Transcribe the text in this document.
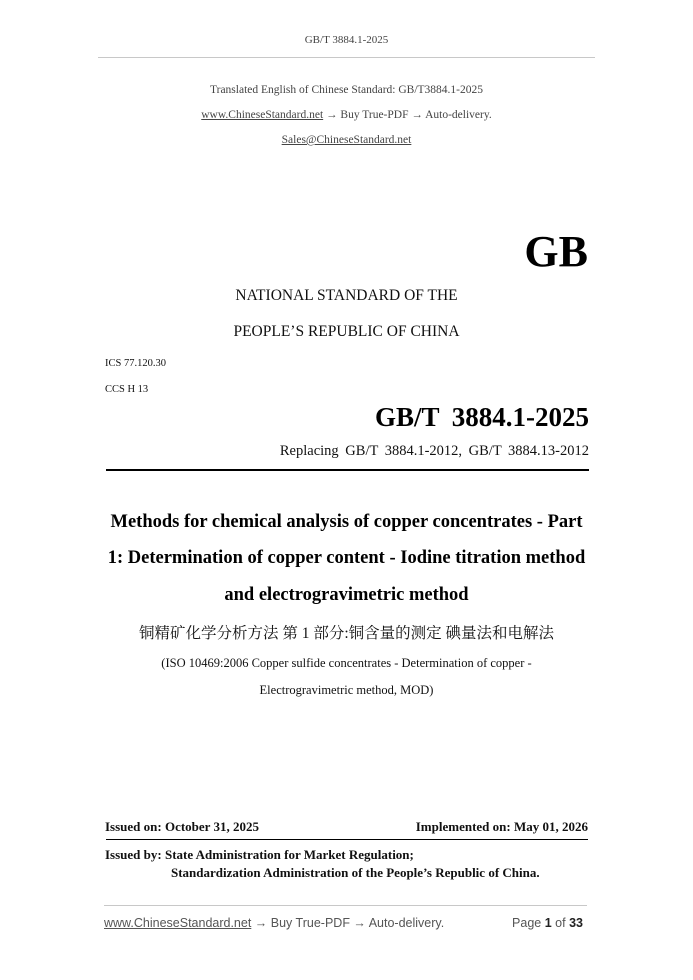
GB/T 3884.1-2025
Translated English of Chinese Standard: GB/T3884.1-2025
www.ChineseStandard.net → Buy True-PDF → Auto-delivery.
Sales@ChineseStandard.net
GB
NATIONAL STANDARD OF THE
PEOPLE’S REPUBLIC OF CHINA
ICS 77.120.30
CCS H 13
GB/T 3884.1-2025
Replacing GB/T 3884.1-2012, GB/T 3884.13-2012
Methods for chemical analysis of copper concentrates - Part
1: Determination of copper content - Iodine titration method
and electrogravimetric method
铜精矿化学分析方法 第 1 部分:铜含量的测定 碘量法和电解法
(ISO 10469:2006 Copper sulfide concentrates - Determination of copper -
Electrogravimetric method, MOD)
Issued on: October 31, 2025	Implemented on: May 01, 2026
Issued by: State Administration for Market Regulation;
Standardization Administration of the People’s Republic of China.
www.ChineseStandard.net → Buy True-PDF → Auto-delivery.	Page 1 of 33
